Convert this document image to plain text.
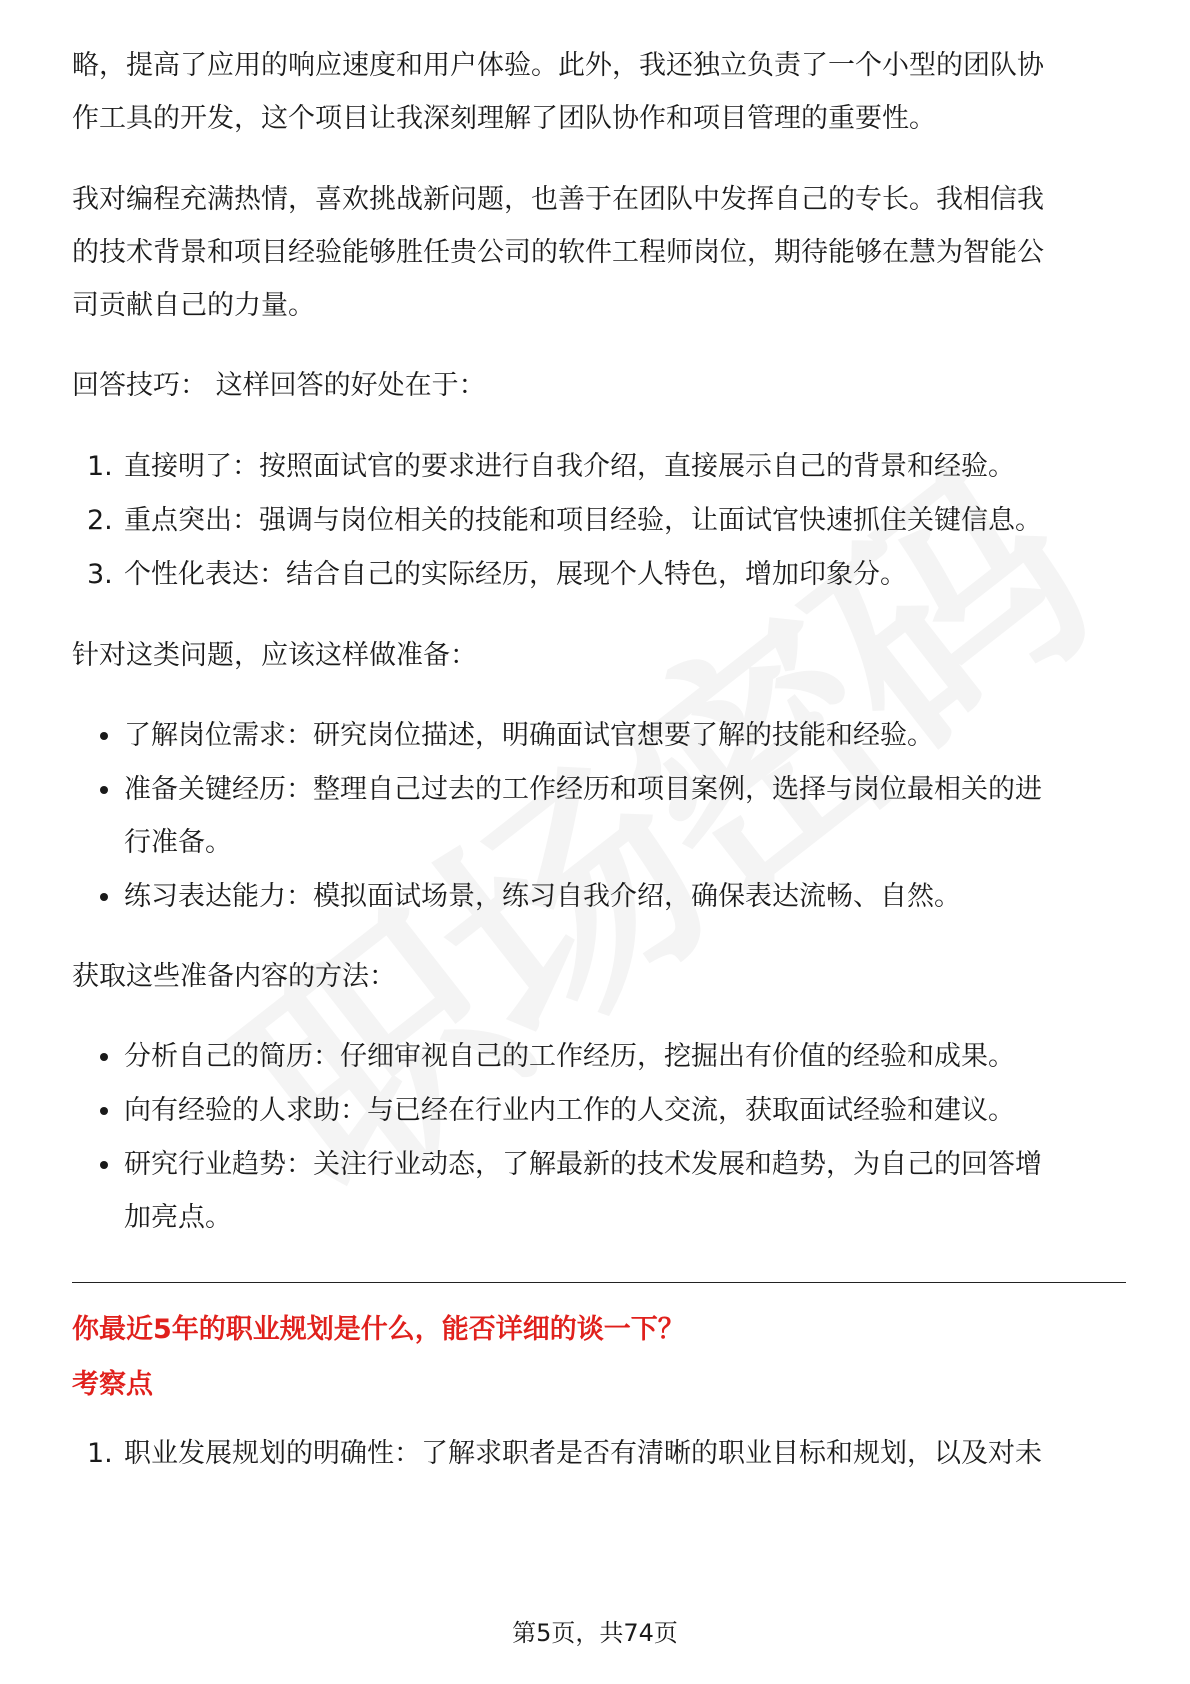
略，提高了应用的响应速度和用户体验。此外，我还独立负责了一个小型的团队协

作工具的开发，这个项目让我深刻理解了团队协作和项目管理的重要性。

我对编程充满热情，喜欢挑战新问题，也善于在团队中发挥自己的专长。我相信我

的技术背景和项目经验能够胜任贵公司的软件工程师岗位，期待能够在慧为智能公

司贡献自己的力量。

回答技巧： 这样回答的好处在于：

1. 直接明了：按照面试官的要求进行自我介绍，直接展示自己的背景和经验。
2. 重点突出：强调与岗位相关的技能和项目经验，让面试官快速抓住关键信息。
3. 个性化表达：结合自己的实际经历，展现个人特色，增加印象分。

针对这类问题，应该这样做准备：

了解岗位需求：研究岗位描述，明确面试官想要了解的技能和经验。
准备关键经历：整理自己过去的工作经历和项目案例，选择与岗位最相关的进
行准备。
练习表达能力：模拟面试场景，练习自我介绍，确保表达流畅、自然。

获取这些准备内容的方法：

分析自己的简历：仔细审视自己的工作经历，挖掘出有价值的经验和成果。
向有经验的人求助：与已经在行业内工作的人交流，获取面试经验和建议。
研究行业趋势：关注行业动态，了解最新的技术发展和趋势，为自己的回答增
加亮点。
你最近5年的职业规划是什么，能否详细的谈一下？
考察点
1. 职业发展规划的明确性：了解求职者是否有清晰的职业目标和规划，以及对未
第5页，共74页
